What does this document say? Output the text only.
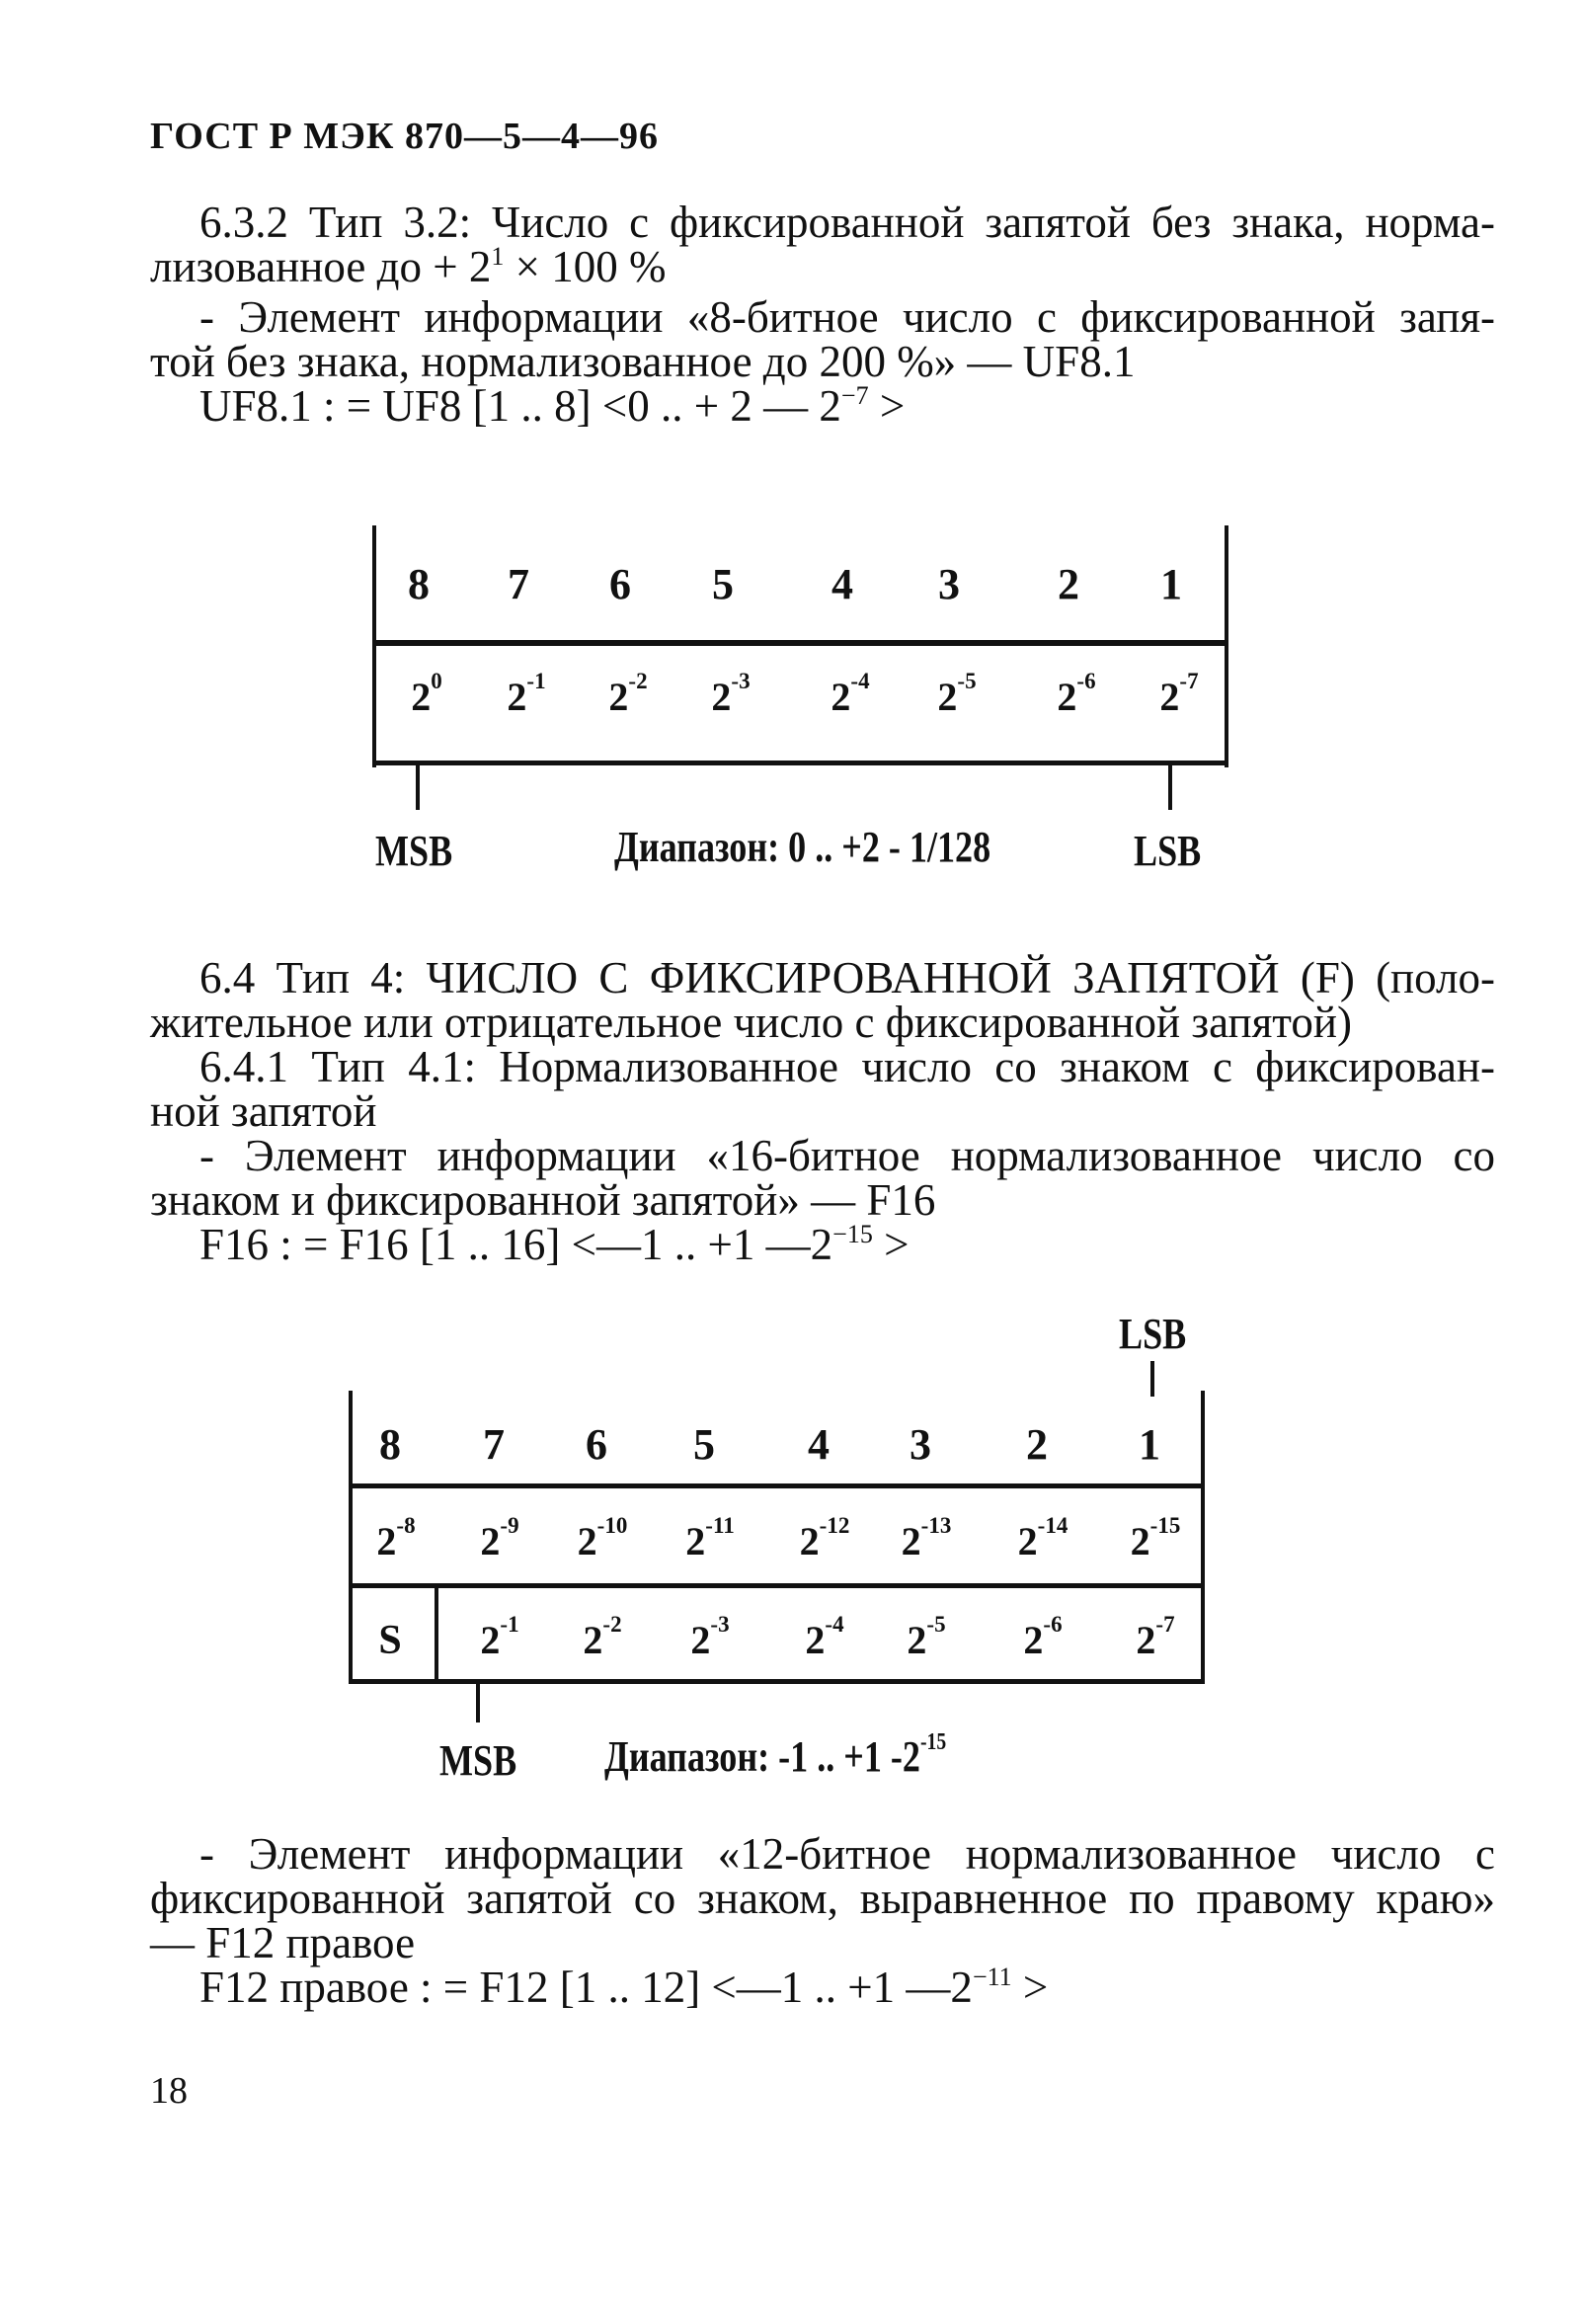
ГОСТ Р МЭК 870—5—4—96
6.3.2 Тип 3.2: Число с фиксированной запятой без знака, норма-
лизованное до + $2^1 \times 100$ %
- Элемент информации «8-битное число с фиксированной запя-
той без знака, нормализованное до 200 %» — UF8.1
UF8.1 : = UF8 [1 .. 8] <0 .. + 2 — $2^{-7}$ >
8 7 6 5 4 3 2 1
$2^0$ $2^{-1}$ $2^{-2}$ $2^{-3}$ $2^{-4}$ $2^{-5}$ $2^{-6}$ $2^{-7}$
MSB	Диапазон: 0 .. +2 - 1/128	LSB
6.4 Тип 4: ЧИСЛО С ФИКСИРОВАННОЙ ЗАПЯТОЙ (F) (поло-
жительное или отрицательное число с фиксированной запятой)
6.4.1 Тип 4.1: Нормализованное число со знаком с фиксирован-
ной запятой
- Элемент информации «16-битное нормализованное число со
знаком и фиксированной запятой» — F16
F16 : = F16 [1 .. 16] <—1 .. +1 $—2^{-15}$ >
LSB
8 7 6 5 4 3 2 1
$2^{-8}$ $2^{-9}$ $2^{-10}$ $2^{-11}$ $2^{-12}$ $2^{-13}$ $2^{-14}$ $2^{-15}$
S $2^{-1}$ $2^{-2}$ $2^{-3}$ $2^{-4}$ $2^{-5}$ $2^{-6}$ $2^{-7}$
MSB Диапазон: -1 .. +1 $-2^{-15}$
- Элемент информации «12-битное нормализованное число с
фиксированной запятой со знаком, выравненное по правому краю»
— F12 правое
F12 правое : = F12 [1 .. 12] <—1 .. +1 $—2^{-11}$ >
18
